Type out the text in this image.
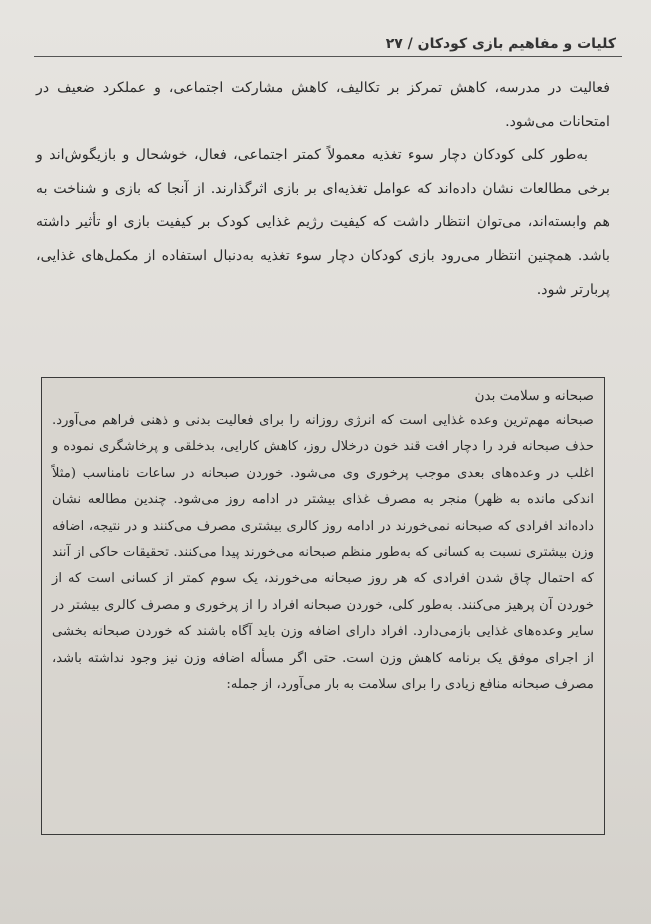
کلیات و مفاهیم بازی کودکان / ۲۷

فعالیت در مدرسه، کاهش تمرکز بر تکالیف، کاهش مشارکت اجتماعی، و عملکرد ضعیف در امتحانات می‌شود.

به‌طور کلی کودکان دچار سوء تغذیه معمولاً کمتر اجتماعی، فعال، خوشحال و بازیگوش‌اند و برخی مطالعات نشان داده‌اند که عوامل تغذیه‌ای بر بازی اثرگذارند. از آنجا که بازی و شناخت به هم وابسته‌اند، می‌توان انتظار داشت که کیفیت رژیم غذایی کودک بر کیفیت بازی او تأثیر داشته باشد. همچنین انتظار می‌رود بازی کودکان دچار سوء تغذیه به‌دنبال استفاده از مکمل‌های غذایی، پربارتر شود.

صبحانه و سلامت بدن

صبحانه مهم‌ترین وعده غذایی است که انرژی روزانه را برای فعالیت بدنی و ذهنی فراهم می‌آورد. حذف صبحانه فرد را دچار افت قند خون درخلال روز، کاهش کارایی، بدخلقی و پرخاشگری نموده و اغلب در وعده‌های بعدی موجب پرخوری وی می‌شود. خوردن صبحانه در ساعات نامناسب (مثلاً اندکی مانده به ظهر) منجر به مصرف غذای بیشتر در ادامه روز می‌شود. چندین مطالعه نشان داده‌اند افرادی که صبحانه نمی‌خورند در ادامه روز کالری بیشتری مصرف می‌کنند و در نتیجه، اضافه وزن بیشتری نسبت به کسانی که به‌طور منظم صبحانه می‌خورند پیدا می‌کنند. تحقیقات حاکی از آنند که احتمال چاق شدن افرادی که هر روز صبحانه می‌خورند، یک سوم کمتر از کسانی است که از خوردن آن پرهیز می‌کنند. به‌طور کلی، خوردن صبحانه افراد را از پرخوری و مصرف کالری بیشتر در سایر وعده‌های غذایی بازمی‌دارد. افراد دارای اضافه وزن باید آگاه باشند که خوردن صبحانه بخشی از اجرای موفق یک برنامه کاهش وزن است. حتی اگر مسأله اضافه وزن نیز وجود نداشته باشد، مصرف صبحانه منافع زیادی را برای سلامت به بار می‌آورد، از جمله:
